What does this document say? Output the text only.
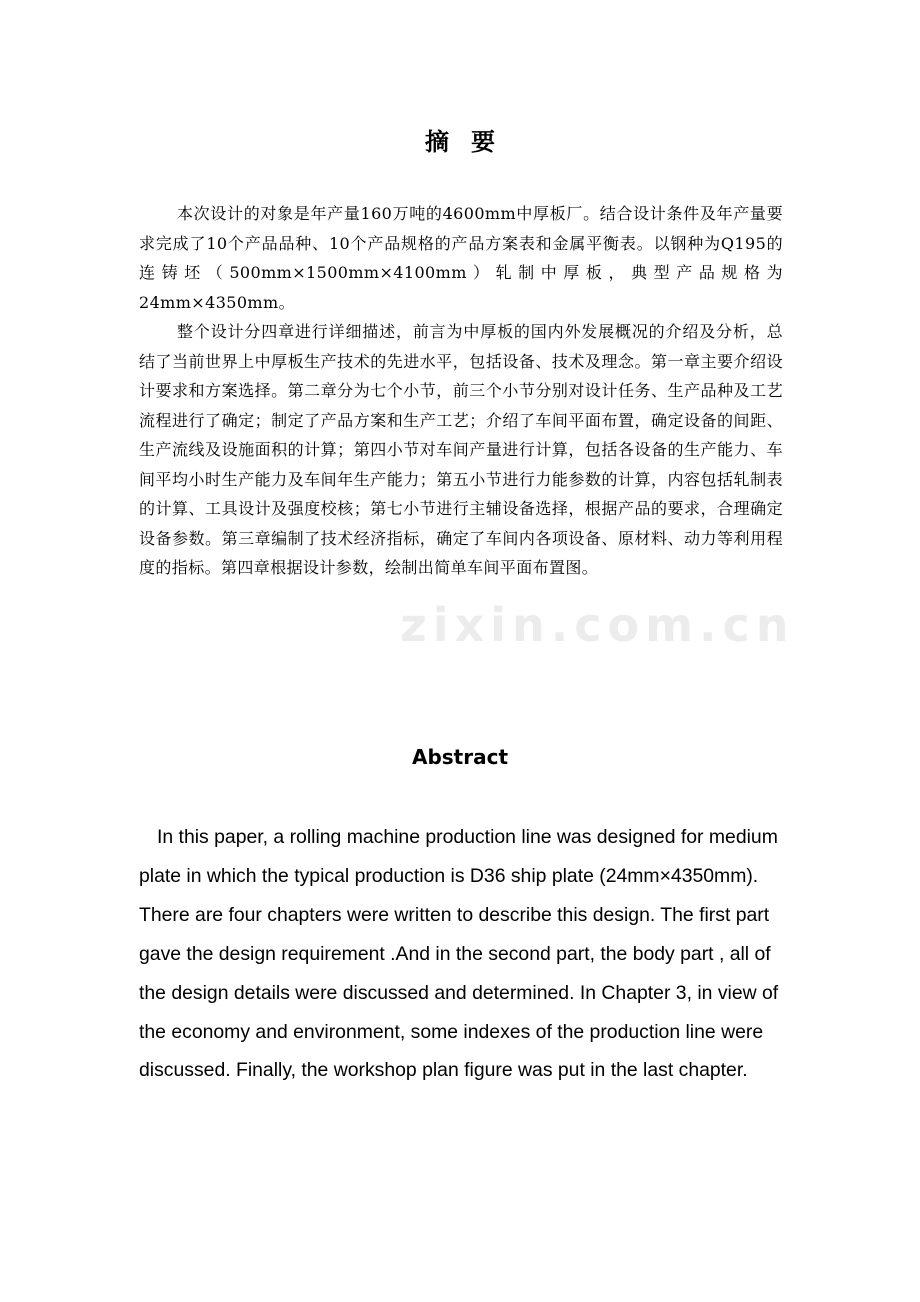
摘要

本次设计的对象是年产量160万吨的4600mm中厚板厂。结合设计条件及年产量要求完成了10个产品品种、10个产品规格的产品方案表和金属平衡表。以钢种为Q195的连铸坯（500mm×1500mm×4100mm）轧制中厚板，典型产品规格为24mm×4350mm。

整个设计分四章进行详细描述，前言为中厚板的国内外发展概况的介绍及分析，总结了当前世界上中厚板生产技术的先进水平，包括设备、技术及理念。第一章主要介绍设计要求和方案选择。第二章分为七个小节，前三个小节分别对设计任务、生产品种及工艺流程进行了确定；制定了产品方案和生产工艺；介绍了车间平面布置，确定设备的间距、生产流线及设施面积的计算；第四小节对车间产量进行计算，包括各设备的生产能力、车间平均小时生产能力及车间年生产能力；第五小节进行力能参数的计算，内容包括轧制表的计算、工具设计及强度校核；第七小节进行主辅设备选择，根据产品的要求，合理确定设备参数。第三章编制了技术经济指标，确定了车间内各项设备、原材料、动力等利用程度的指标。第四章根据设计参数，绘制出简单车间平面布置图。

zixin.com.cn
Abstract

In this paper, a rolling machine production line was designed for medium plate in which the typical production is D36 ship plate (24mm×4350mm). There are four chapters were written to describe this design. The first part gave the design requirement .And in the second part, the body part , all of the design details were discussed and determined. In Chapter 3, in view of the economy and environment, some indexes of the production line were discussed. Finally, the workshop plan figure was put in the last chapter.
